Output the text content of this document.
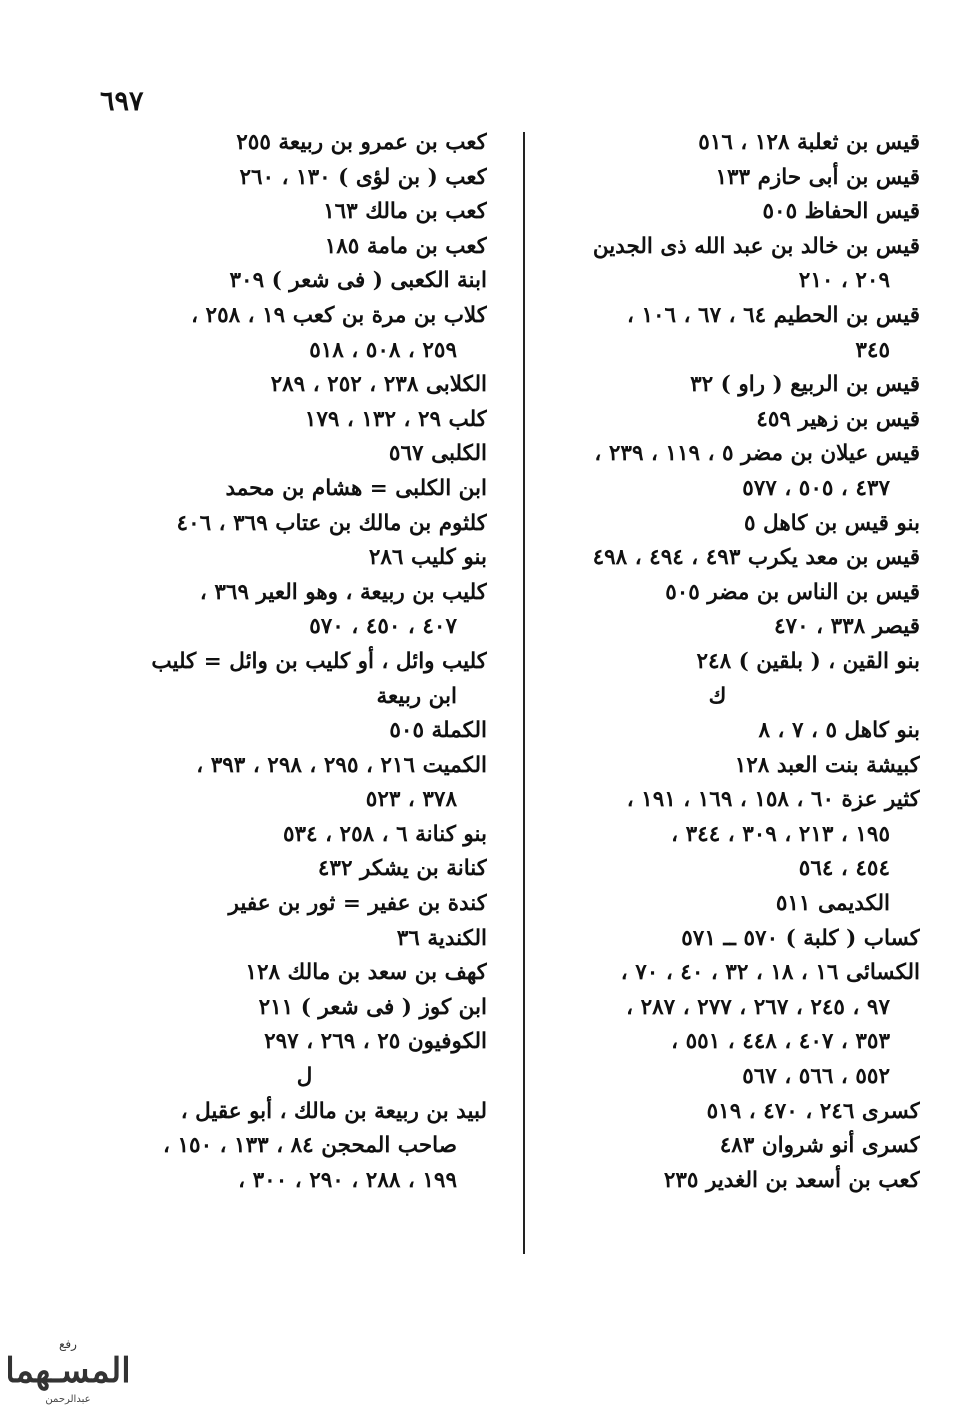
٦٩٧
قيس بن ثعلبة ١٢٨ ، ٥١٦
قيس بن أبى حازم ١٣٣
قيس الحفاظ ٥٠٥
قيس بن خالد بن عبد الله ذى الجدين
٢٠٩ ، ٢١٠
قيس بن الحطيم ٦٤ ، ٦٧ ، ١٠٦ ،
٣٤٥
قيس بن الربيع ( راو ) ٣٢
قيس بن زهير ٤٥٩
قيس عيلان بن مضر ٥ ، ١١٩ ، ٢٣٩ ،
٤٣٧ ، ٥٠٥ ، ٥٧٧
بنو قيس بن كاهل ٥
قيس بن معد يكرب ٤٩٣ ، ٤٩٤ ، ٤٩٨
قيس بن الناس بن مضر ٥٠٥
قيصر ٣٣٨ ، ٤٧٠
بنو القين ، ( بلقين ) ٢٤٨
ك
بنو كاهل ٥ ، ٧ ، ٨
كبيشة بنت العبد ١٢٨
كثير عزة ٦٠ ، ١٥٨ ، ١٦٩ ، ١٩١ ،
١٩٥ ، ٢١٣ ، ٣٠٩ ، ٣٤٤ ،
٤٥٤ ، ٥٦٤
الكديمى ٥١١
كساب ( كلبة ) ٥٧٠ ــ ٥٧١
الكسائى ١٦ ، ١٨ ، ٣٢ ، ٤٠ ، ٧٠ ،
٩٧ ، ٢٤٥ ، ٢٦٧ ، ٢٧٧ ، ٢٨٧ ،
٣٥٣ ، ٤٠٧ ، ٤٤٨ ، ٥٥١ ،
٥٥٢ ، ٥٦٦ ، ٥٦٧
كسرى ٢٤٦ ، ٤٧٠ ، ٥١٩
كسرى أنو شروان ٤٨٣
كعب بن أسعد بن الغدير ٢٣٥
كعب بن عمرو بن ربيعة ٢٥٥
كعب ( بن لؤى ) ١٣٠ ، ٢٦٠
كعب بن مالك ١٦٣
كعب بن مامة ١٨٥
ابنة الكعبى ( فى شعر ) ٣٠٩
كلاب بن مرة بن كعب ١٩ ، ٢٥٨ ،
٢٥٩ ، ٥٠٨ ، ٥١٨
الكلابى ٢٣٨ ، ٢٥٢ ، ٢٨٩
كلب ٢٩ ، ١٣٢ ، ١٧٩
الكلبى ٥٦٧
ابن الكلبى = هشام بن محمد
كلثوم بن مالك بن عتاب ٣٦٩ ، ٤٠٦
بنو كليب ٢٨٦
كليب بن ربيعة ، وهو العير ٣٦٩ ،
٤٠٧ ، ٤٥٠ ، ٥٧٠
كليب وائل ، أو كليب بن وائل = كليب
ابن ربيعة
الكملة ٥٠٥
الكميت ٢١٦ ، ٢٩٥ ، ٢٩٨ ، ٣٩٣ ،
٣٧٨ ، ٥٢٣
بنو كنانة ٦ ، ٢٥٨ ، ٥٣٤
كنانة بن يشكر ٤٣٢
كندة بن عفير = ثور بن عفير
الكندية ٣٦
كهف بن سعد بن مالك ١٢٨
ابن كوز ( فى شعر ) ٢١١
الكوفيون ٢٥ ، ٢٦٩ ، ٢٩٧
ل
لبيد بن ربيعة بن مالك ، أبو عقيل ،
صاحب المحجن ٨٤ ، ١٣٣ ، ١٥٠ ،
١٩٩ ، ٢٨٨ ، ٢٩٠ ، ٣٠٠ ،
رفع
المسـ‍هما
عبدالرحمن
